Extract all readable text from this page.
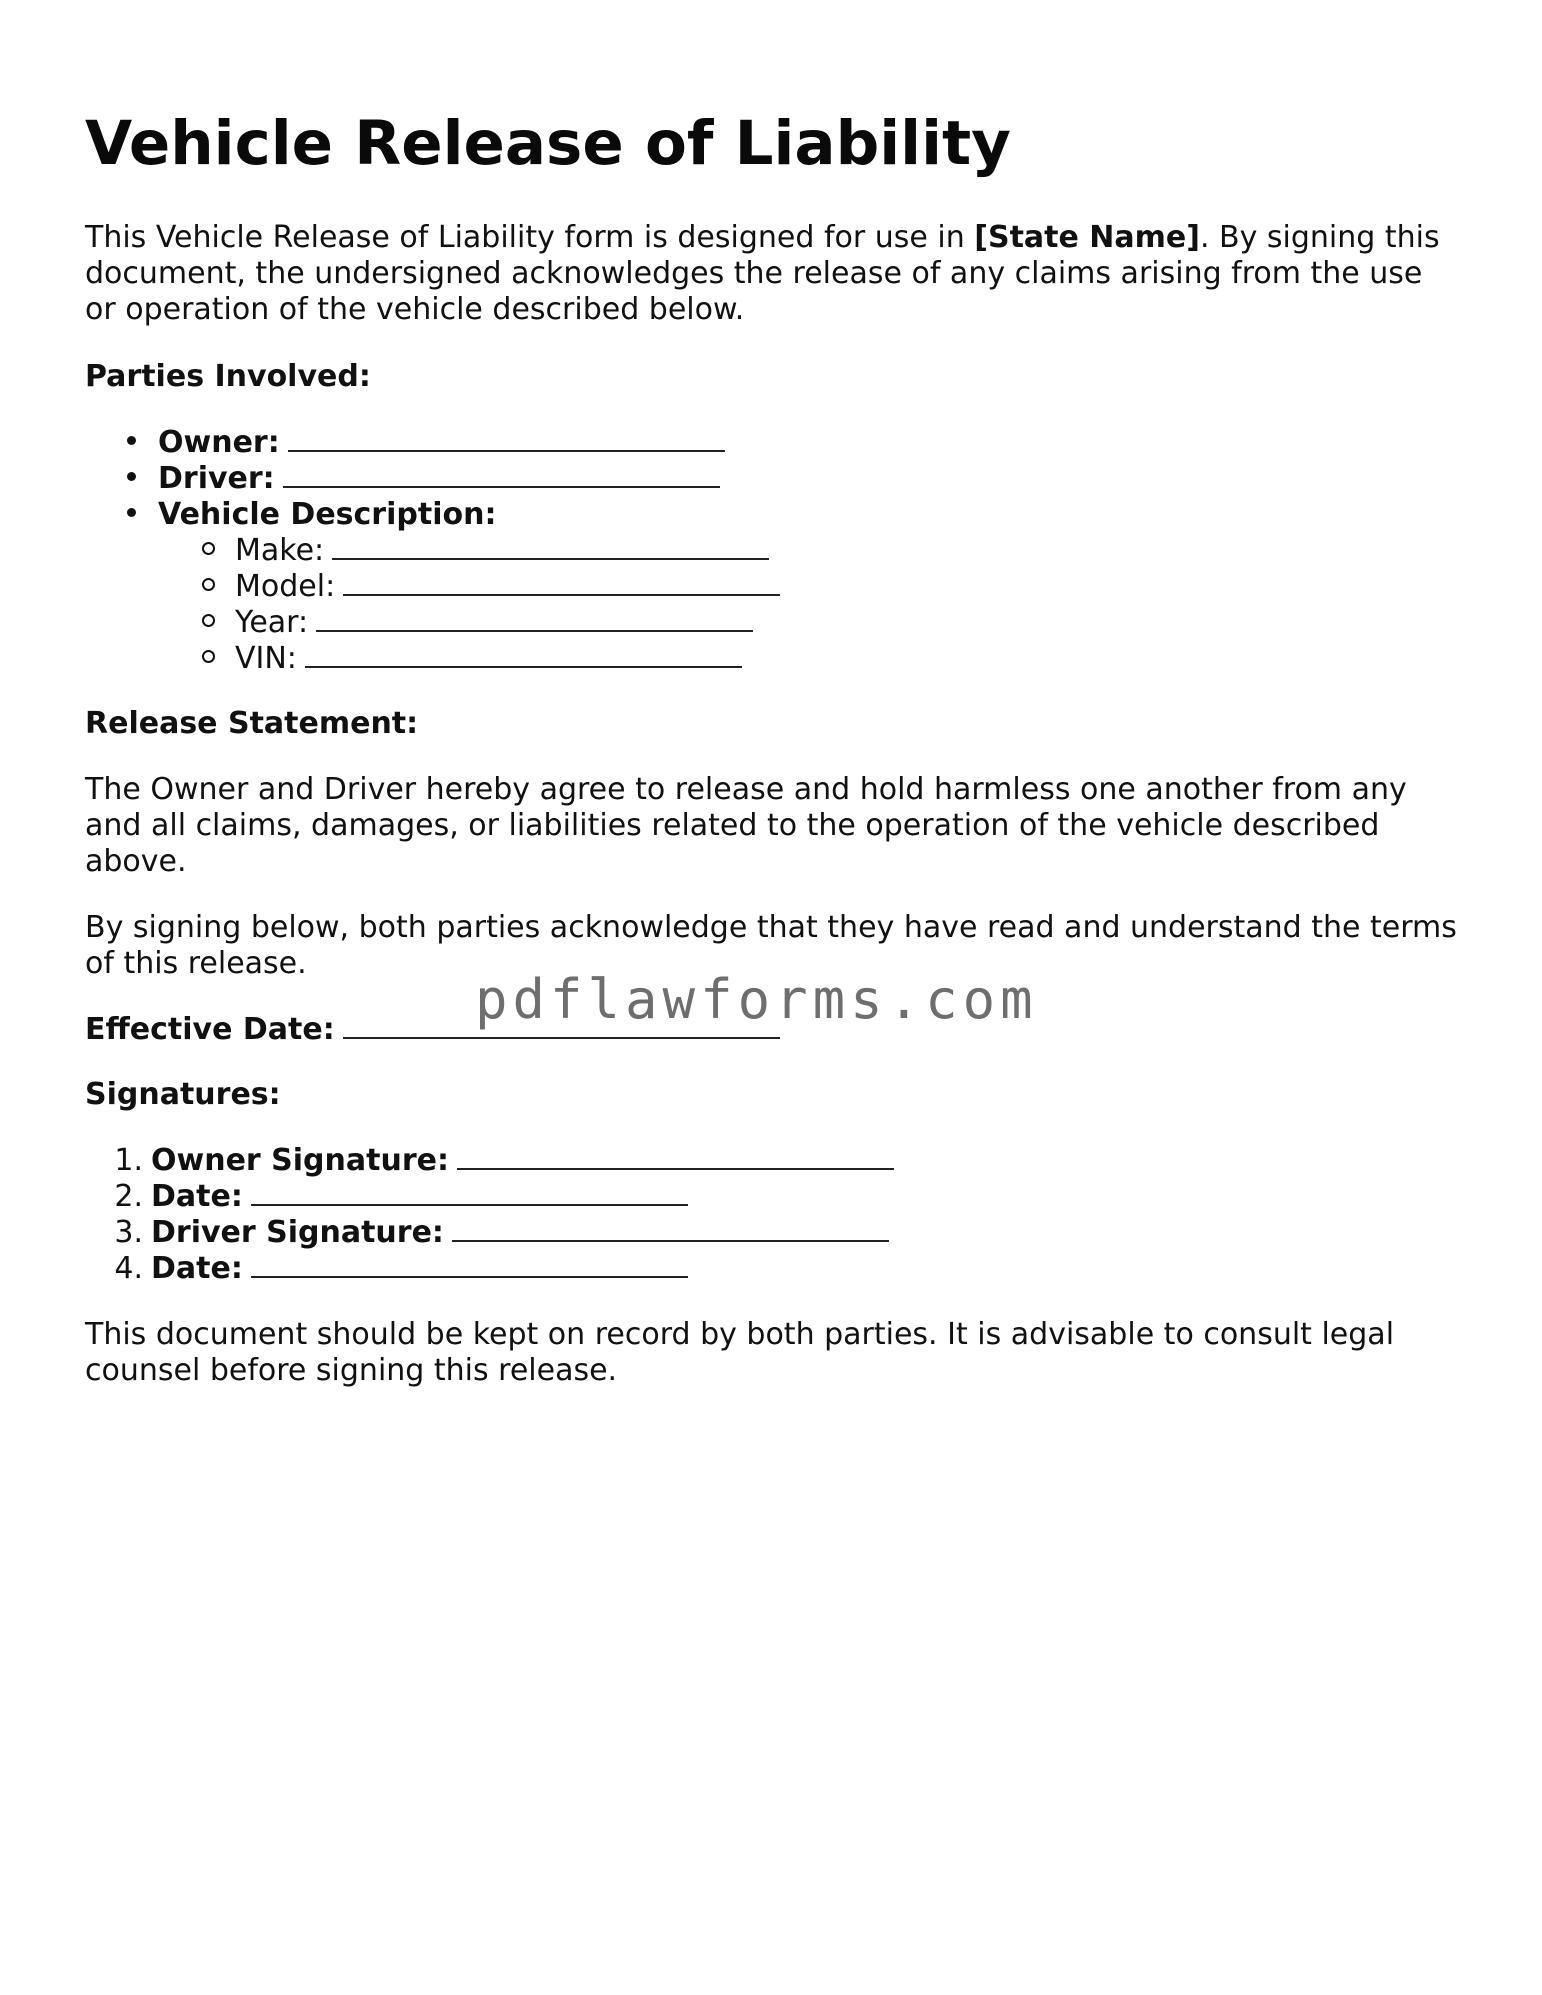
Vehicle Release of Liability

This Vehicle Release of Liability form is designed for use in [State Name]. By signing this document, the undersigned acknowledges the release of any claims arising from the use or operation of the vehicle described below.

Parties Involved:
Owner:
Driver:
Vehicle Description:
Make:
Model:
Year:
VIN:
Release Statement:

The Owner and Driver hereby agree to release and hold harmless one another from any and all claims, damages, or liabilities related to the operation of the vehicle described above.

By signing below, both parties acknowledge that they have read and understand the terms of this release.

Effective Date:
Signatures:
1. Owner Signature:
2. Date:
3. Driver Signature:
4. Date:

This document should be kept on record by both parties. It is advisable to consult legal counsel before signing this release.

pdflawforms.com
